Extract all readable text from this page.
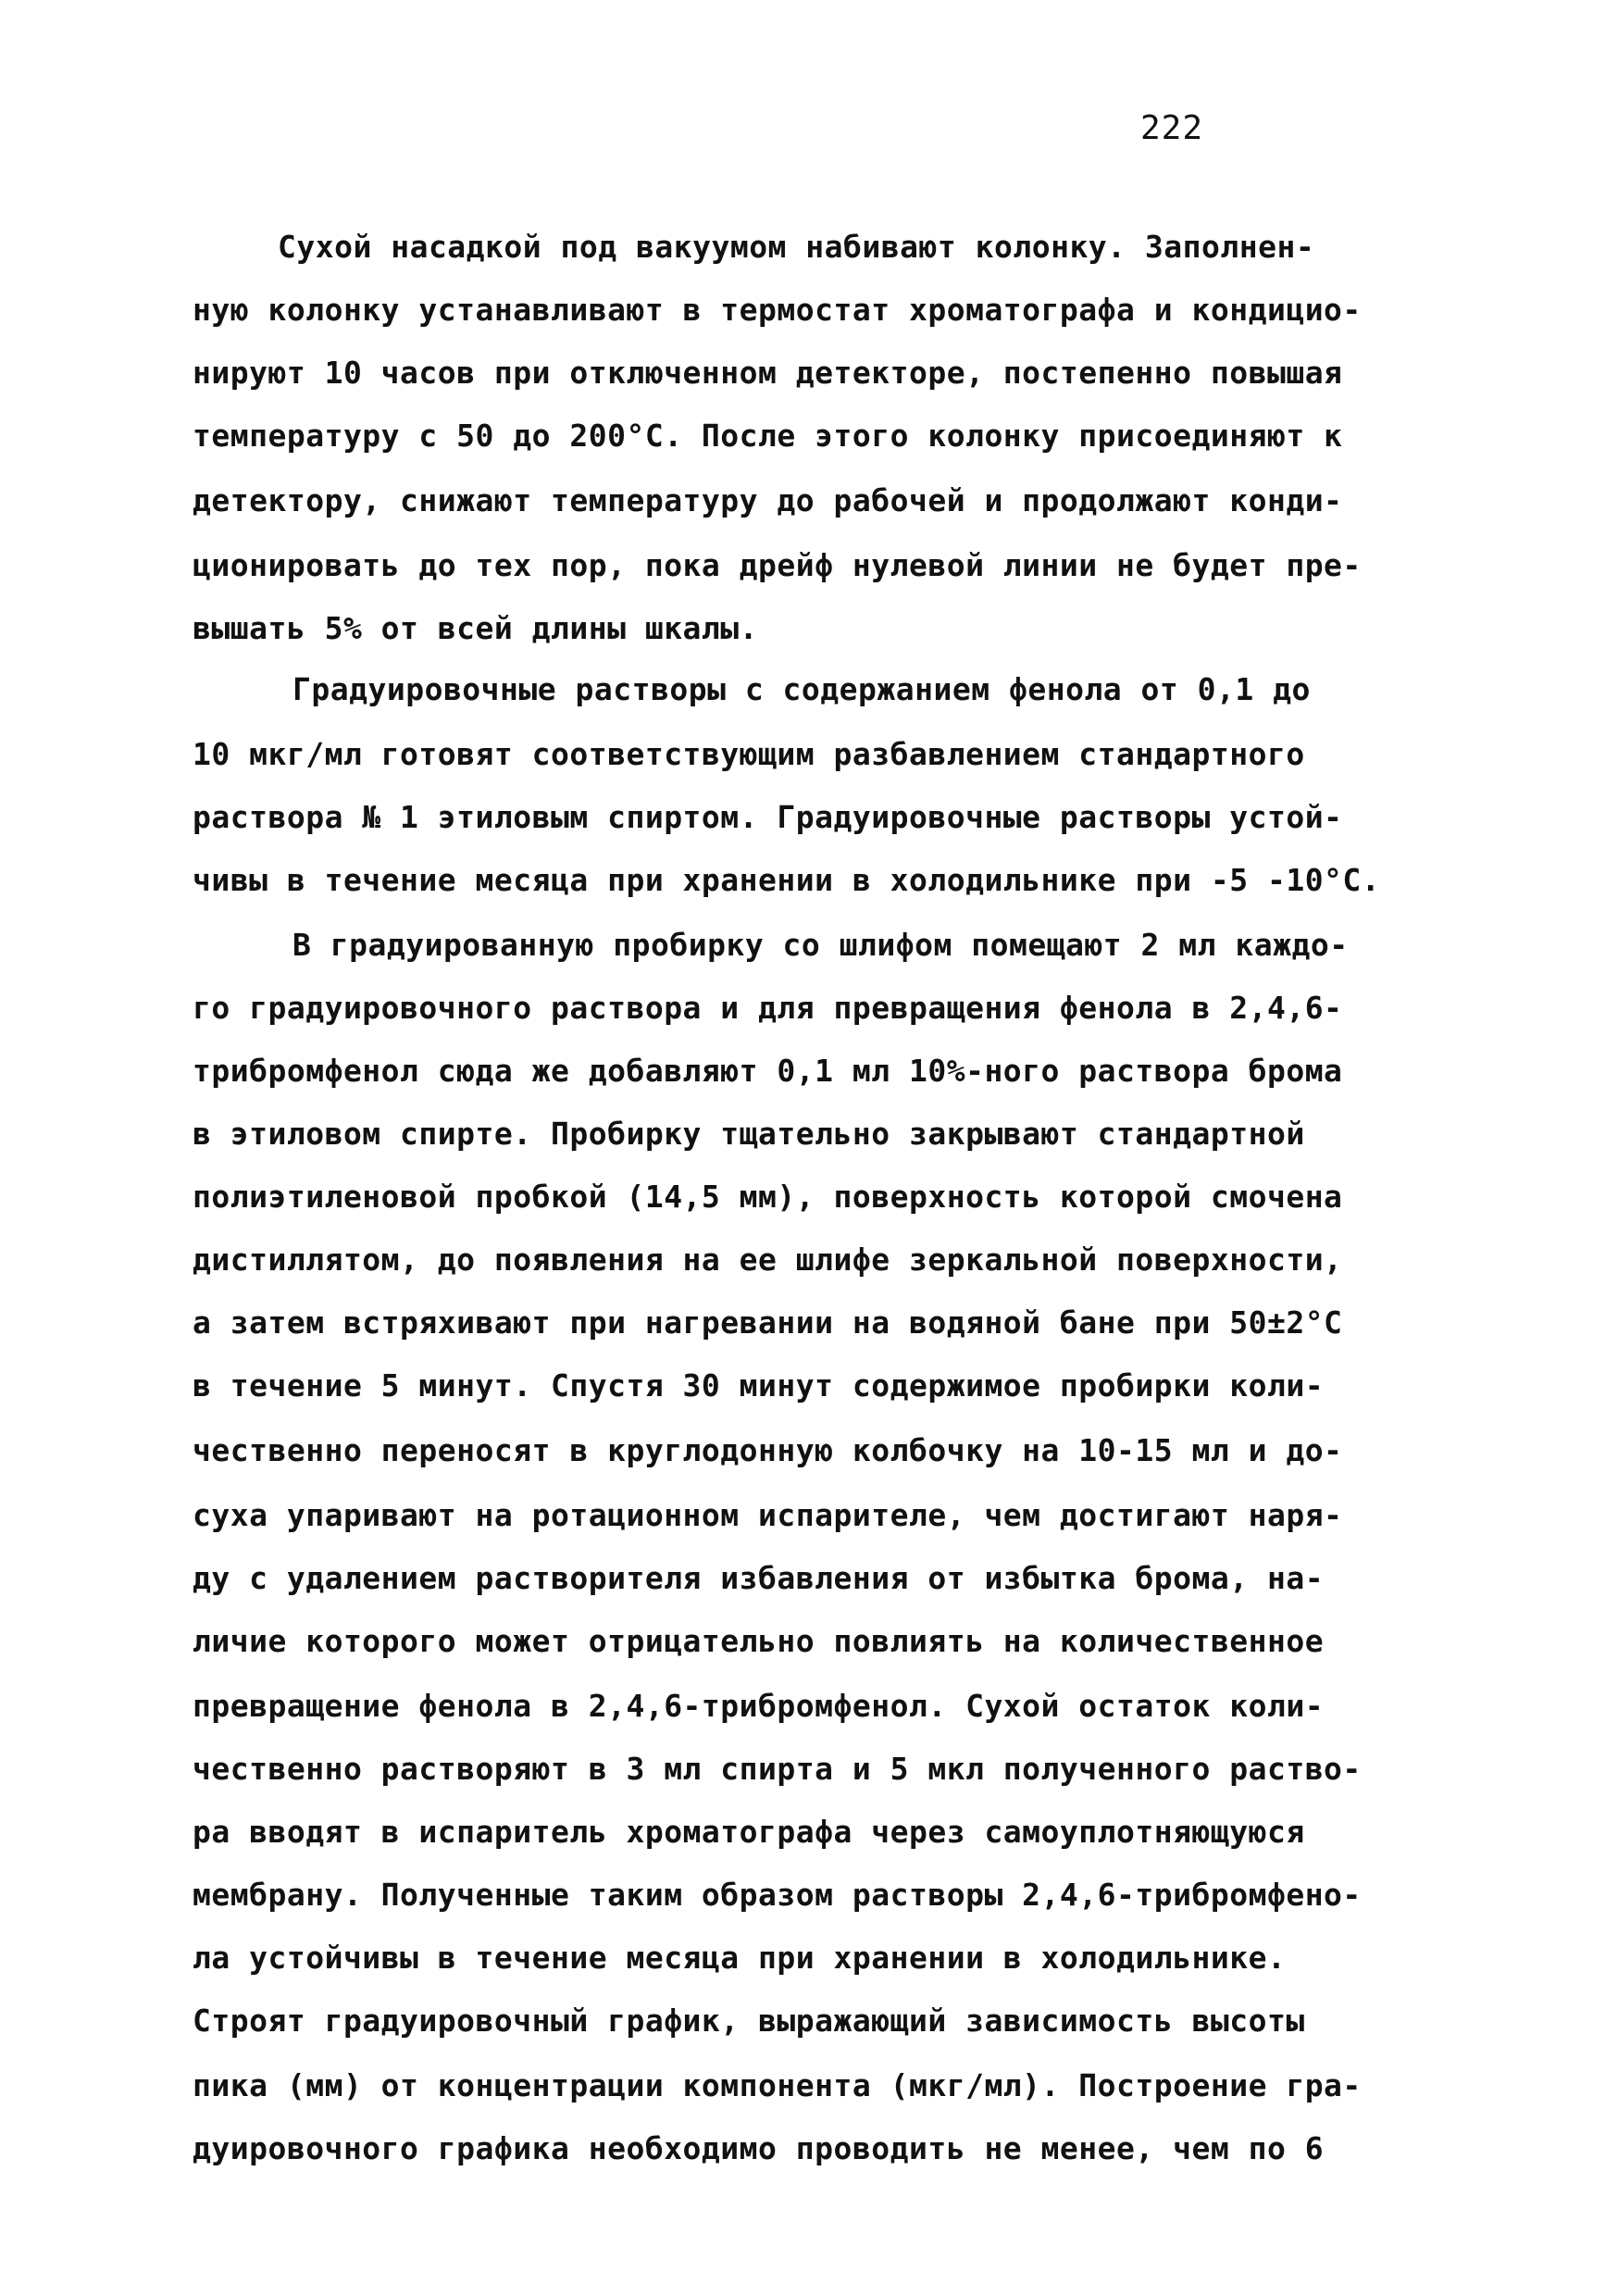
222
Сухой насадкой под вакуумом набивают колонку. Заполнен-
ную колонку устанавливают в термостат хроматографа и кондицио-
нируют 10 часов при отключенном детекторе, постепенно повышая
температуру с 50 до 200°С. После этого колонку присоединяют к
детектору, снижают температуру до рабочей и продолжают конди-
ционировать до тех пор, пока дрейф нулевой линии не будет пре-
вышать 5% от всей длины шкалы.
Градуировочные растворы с содержанием фенола от 0,1 до
10 мкг/мл готовят соответствующим разбавлением стандартного
раствора № 1 этиловым спиртом. Градуировочные растворы устой-
чивы в течение месяца при хранении в холодильнике при -5 -10°С.
В градуированную пробирку со шлифом помещают 2 мл каждо-
го градуировочного раствора и для превращения фенола в 2,4,6-
трибромфенол сюда же добавляют 0,1 мл 10%-ного раствора брома
в этиловом спирте. Пробирку тщательно закрывают стандартной
полиэтиленовой пробкой (14,5 мм), поверхность которой смочена
дистиллятом, до появления на ее шлифе зеркальной поверхности,
а затем встряхивают при нагревании на водяной бане при 50±2°С
в течение 5 минут. Спустя 30 минут содержимое пробирки коли-
чественно переносят в круглодонную колбочку на 10-15 мл и до-
суха упаривают на ротационном испарителе, чем достигают наря-
ду с удалением растворителя избавления от избытка брома, на-
личие которого может отрицательно повлиять на количественное
превращение фенола в 2,4,6-трибромфенол. Сухой остаток коли-
чественно растворяют в 3 мл спирта и 5 мкл полученного раство-
ра вводят в испаритель хроматографа через самоуплотняющуюся
мембрану. Полученные таким образом растворы 2,4,6-трибромфено-
ла устойчивы в течение месяца при хранении в холодильнике.
Строят градуировочный график, выражающий зависимость высоты
пика (мм) от концентрации компонента (мкг/мл). Построение гра-
дуировочного графика необходимо проводить не менее, чем по 6
